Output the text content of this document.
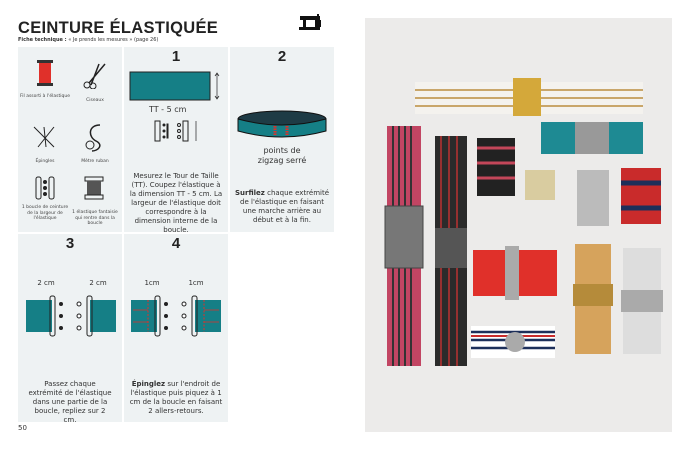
CEINTURE ÉLASTIQUÉE
Fiche technique : « Je prends les mesures » (page 26)
Fil assorti à l'élastique
Ciseaux
Épingles	Mètre ruban
1 boucle de ceinture de la largeur de l'élastique
1 élastique fantaisie qui rentre dans la boucle
1
TT - 5 cm
Mesurez le Tour de Taille (TT). Coupez l'élastique à la dimension TT - 5 cm. La largeur de l'élastique doit correspondre à la dimension interne de la boucle.
2
points de zigzag serré
Surfilez chaque extrémité de l'élastique en faisant une marche arrière au début et à la fin.
3
2 cm	2 cm
Passez chaque extrémité de l'élastique dans une partie de la boucle, repliez sur 2 cm.
4
1cm	1cm
Épinglez sur l'endroit de l'élastique puis piquez à 1 cm de la boucle en faisant 2 allers-retours.
50
